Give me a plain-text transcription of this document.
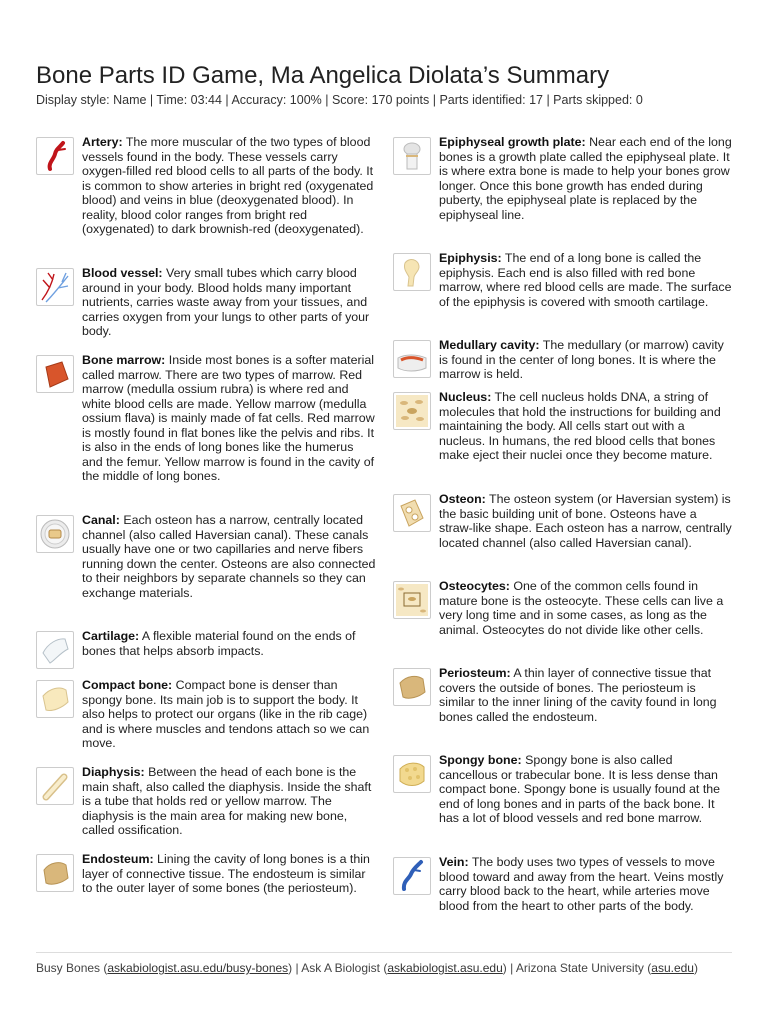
Bone Parts ID Game, Ma Angelica Diolata’s Summary
Display style: Name | Time: 03:44 | Accuracy: 100% | Score: 170 points | Parts identified: 17 | Parts skipped: 0
Artery: The more muscular of the two types of blood vessels found in the body. These vessels carry oxygen-filled red blood cells to all parts of the body. It is common to show arteries in bright red (oxygenated blood) and veins in blue (deoxygenated blood). In reality, blood color ranges from bright red (oxygenated) to dark brownish-red (deoxygenated).
Blood vessel: Very small tubes which carry blood around in your body. Blood holds many important nutrients, carries waste away from your tissues, and carries oxygen from your lungs to other parts of your body.
Bone marrow: Inside most bones is a softer material called marrow. There are two types of marrow. Red marrow (medulla ossium rubra) is where red and white blood cells are made. Yellow marrow (medulla ossium flava) is mainly made of fat cells. Red marrow is mostly found in flat bones like the pelvis and ribs. It is also in the ends of long bones like the humerus and the femur. Yellow marrow is found in the cavity of the middle of long bones.
Canal: Each osteon has a narrow, centrally located channel (also called Haversian canal). These canals usually have one or two capillaries and nerve fibers running down the center. Osteons are also connected to their neighbors by separate channels so they can exchange materials.
Cartilage: A flexible material found on the ends of bones that helps absorb impacts.
Compact bone: Compact bone is denser than spongy bone. Its main job is to support the body. It also helps to protect our organs (like in the rib cage) and is where muscles and tendons attach so we can move.
Diaphysis: Between the head of each bone is the main shaft, also called the diaphysis. Inside the shaft is a tube that holds red or yellow marrow. The diaphysis is the main area for making new bone, called ossification.
Endosteum: Lining the cavity of long bones is a thin layer of connective tissue. The endosteum is similar to the outer layer of some bones (the periosteum).
Epiphyseal growth plate: Near each end of the long bones is a growth plate called the epiphyseal plate. It is where extra bone is made to help your bones grow longer. Once this bone growth has ended during puberty, the epiphyseal plate is replaced by the epiphyseal line.
Epiphysis: The end of a long bone is called the epiphysis. Each end is also filled with red bone marrow, where red blood cells are made. The surface of the epiphysis is covered with smooth cartilage.
Medullary cavity: The medullary (or marrow) cavity is found in the center of long bones. It is where the marrow is held.
Nucleus: The cell nucleus holds DNA, a string of molecules that hold the instructions for building and maintaining the body. All cells start out with a nucleus. In humans, the red blood cells that bones make eject their nuclei once they become mature.
Osteon: The osteon system (or Haversian system) is the basic building unit of bone. Osteons have a straw-like shape. Each osteon has a narrow, centrally located channel (also called Haversian canal).
Osteocytes: One of the common cells found in mature bone is the osteocyte. These cells can live a very long time and in some cases, as long as the animal. Osteocytes do not divide like other cells.
Periosteum: A thin layer of connective tissue that covers the outside of bones. The periosteum is similar to the inner lining of the cavity found in long bones called the endosteum.
Spongy bone: Spongy bone is also called cancellous or trabecular bone. It is less dense than compact bone. Spongy bone is usually found at the end of long bones and in parts of the back bone. It has a lot of blood vessels and red bone marrow.
Vein: The body uses two types of vessels to move blood toward and away from the heart. Veins mostly carry blood back to the heart, while arteries move blood from the heart to other parts of the body.
Busy Bones (askabiologist.asu.edu/busy-bones) | Ask A Biologist (askabiologist.asu.edu) | Arizona State University (asu.edu)
